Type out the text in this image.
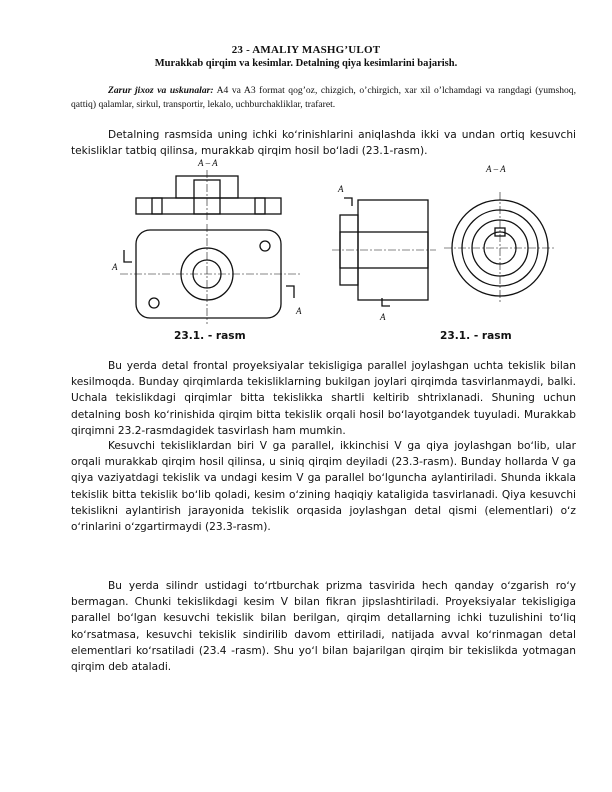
23 - AMALIY MASHG’ULOT
Murakkab qirqim va kesimlar. Detalning qiya kesimlarini bajarish.
Zarur jixoz va uskunalar: A4 va A3 format qog’oz, chizgich, o’chirgich, xar xil o’lchamdagi va rangdagi (yumshoq, qattiq) qalamlar, sirkul, transportir, lekalo, uchburchakliklar, trafaret.
Detalning rasmsida uning ichki koʻrinishlarini aniqlashda ikki va undan ortiq kesuvchi tekisliklar tatbiq qilinsa, murakkab qirqim hosil boʻladi (23.1-rasm).
A – A
A
A
A
A
A – A
23.1. - rasm	23.1. - rasm
Bu yerda detal frontal proyeksiyalar tekisligiga parallel joylashgan uchta tekislik bilan kesilmoqda. Bunday qirqimlarda tekisliklarning bukilgan joylari qirqimda tasvirlanmaydi, balki. Uchala tekislikdagi qirqimlar bitta tekislikka shartli keltirib shtrixlanadi. Shuning uchun detalning bosh koʻrinishida qirqim bitta tekislik orqali hosil boʻlayotgandek tuyuladi. Murakkab qirqimni 23.2-rasmdagidek tasvirlash ham mumkin.
Kesuvchi tekisliklardan biri V ga parallel, ikkinchisi V ga qiya joylashgan boʻlib, ular orqali murakkab qirqim hosil qilinsa, u siniq qirqim deyiladi (23.3-rasm). Bunday hollarda V ga qiya vaziyatdagi tekislik va undagi kesim V ga parallel boʻlguncha aylantiriladi. Shunda ikkala tekislik bitta tekislik boʻlib qoladi, kesim oʻzining haqiqiy kataligida tasvirlanadi. Qiya kesuvchi tekislikni aylantirish jarayonida tekislik orqasida joylashgan detal qismi (elementlari) oʻz oʻrinlarini oʻzgartirmaydi (23.3-rasm).
Bu yerda silindr ustidagi toʻrtburchak prizma tasvirida hech qanday oʻzgarish roʻy bermagan. Chunki tekislikdagi kesim V bilan fikran jipslashtiriladi. Proyeksiyalar tekisligiga parallel boʻlgan kesuvchi tekislik bilan berilgan, qirqim detallarning ichki tuzulishini toʻliq koʻrsatmasa, kesuvchi tekislik sindirilib davom ettiriladi, natijada avval koʻrinmagan detal elementlari koʻrsatiladi (23.4 -rasm). Shu yoʻl bilan bajarilgan qirqim bir tekislikda yotmagan qirqim deb ataladi.
